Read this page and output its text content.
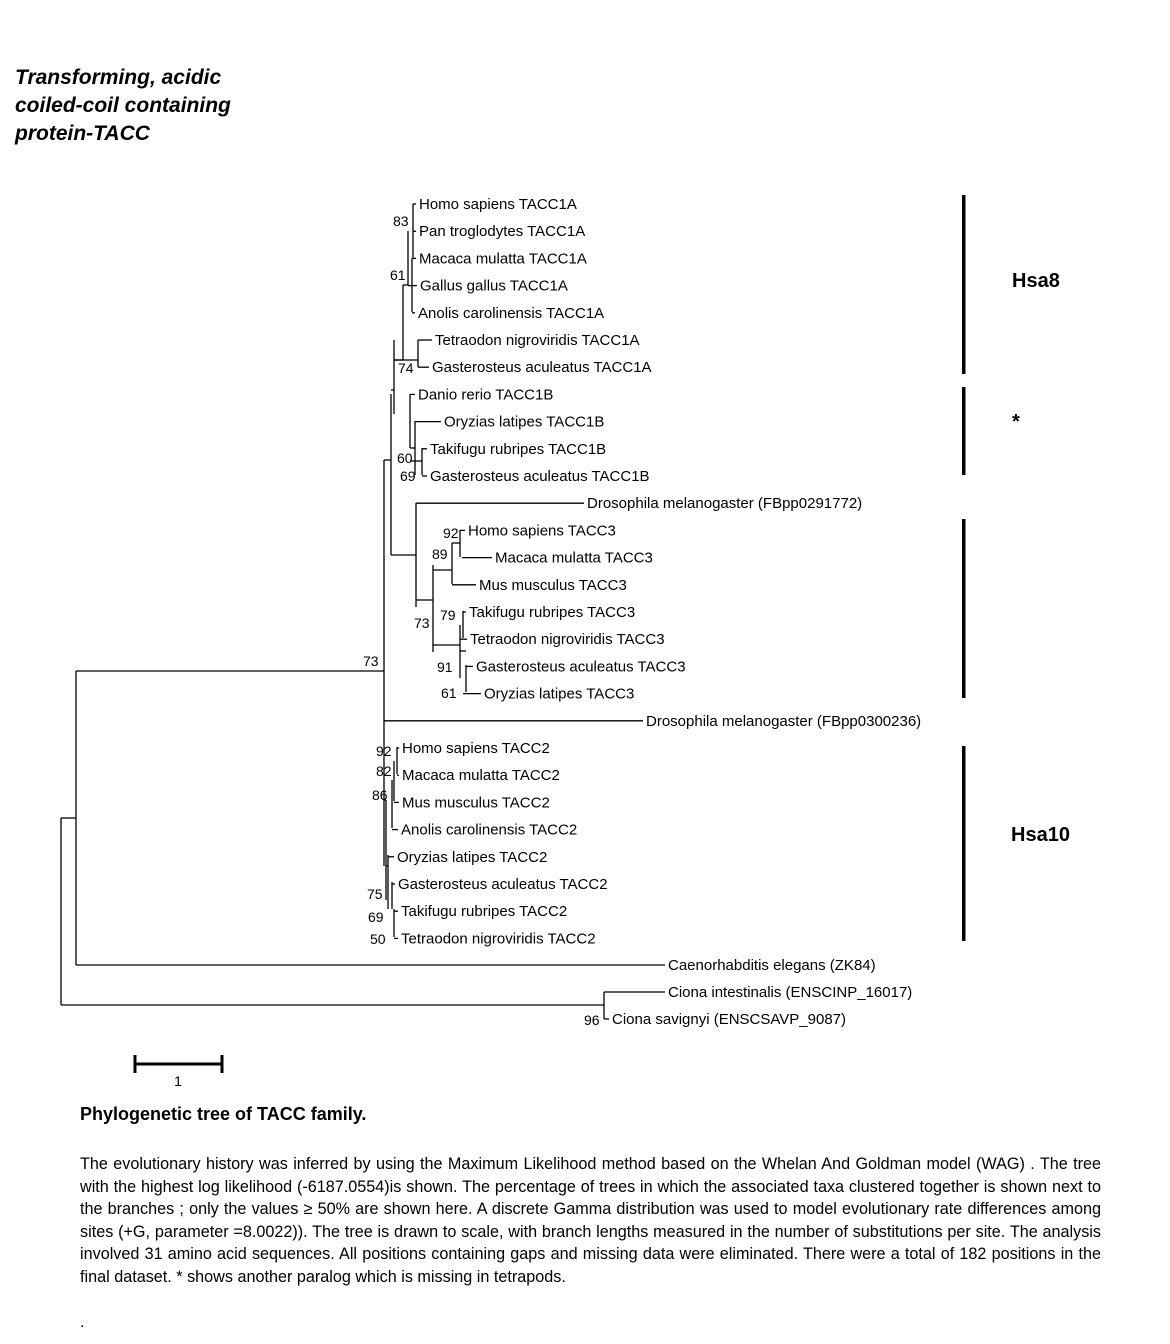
Transforming, acidic
coiled-coil containing
protein-TACC
Homo sapiens TACC1A
Pan troglodytes TACC1A
Macaca mulatta TACC1A
Gallus gallus TACC1A
Anolis carolinensis TACC1A
Tetraodon nigroviridis TACC1A
Gasterosteus aculeatus TACC1A
Danio rerio TACC1B
Oryzias latipes TACC1B
Takifugu rubripes TACC1B
Gasterosteus aculeatus TACC1B
Drosophila melanogaster (FBpp0291772)
Homo sapiens TACC3
Macaca mulatta TACC3
Mus musculus TACC3
Takifugu rubripes TACC3
Tetraodon nigroviridis TACC3
Gasterosteus aculeatus TACC3
Oryzias latipes TACC3
Drosophila melanogaster (FBpp0300236)
Homo sapiens TACC2
Macaca mulatta TACC2
Mus musculus TACC2
Anolis carolinensis TACC2
Oryzias latipes TACC2
Gasterosteus aculeatus TACC2
Takifugu rubripes TACC2
Tetraodon nigroviridis TACC2
Caenorhabditis elegans (ZK84)
Ciona intestinalis (ENSCINP_16017)
Ciona savignyi (ENSCSAVP_9087)
83
61
74
60
69
92
89
73 79
91
61
73
92
82
86
75
69
50
96
Hsa8
*
Hsa10
1
Phylogenetic tree of TACC family.
The evolutionary history was inferred by using the Maximum Likelihood method based on the Whelan And Goldman model (WAG) . The tree with the highest log likelihood (-6187.0554)is shown. The percentage of trees in which the associated taxa clustered together is shown next to the branches ; only the values ≥ 50% are shown here. A discrete Gamma distribution was used to model evolutionary rate differences among sites (+G, parameter =8.0022)). The tree is drawn to scale, with branch lengths measured in the number of substitutions per site. The analysis involved 31 amino acid sequences. All positions containing gaps and missing data were eliminated. There were a total of 182 positions in the final dataset. * shows another paralog which is missing in tetrapods.
.
